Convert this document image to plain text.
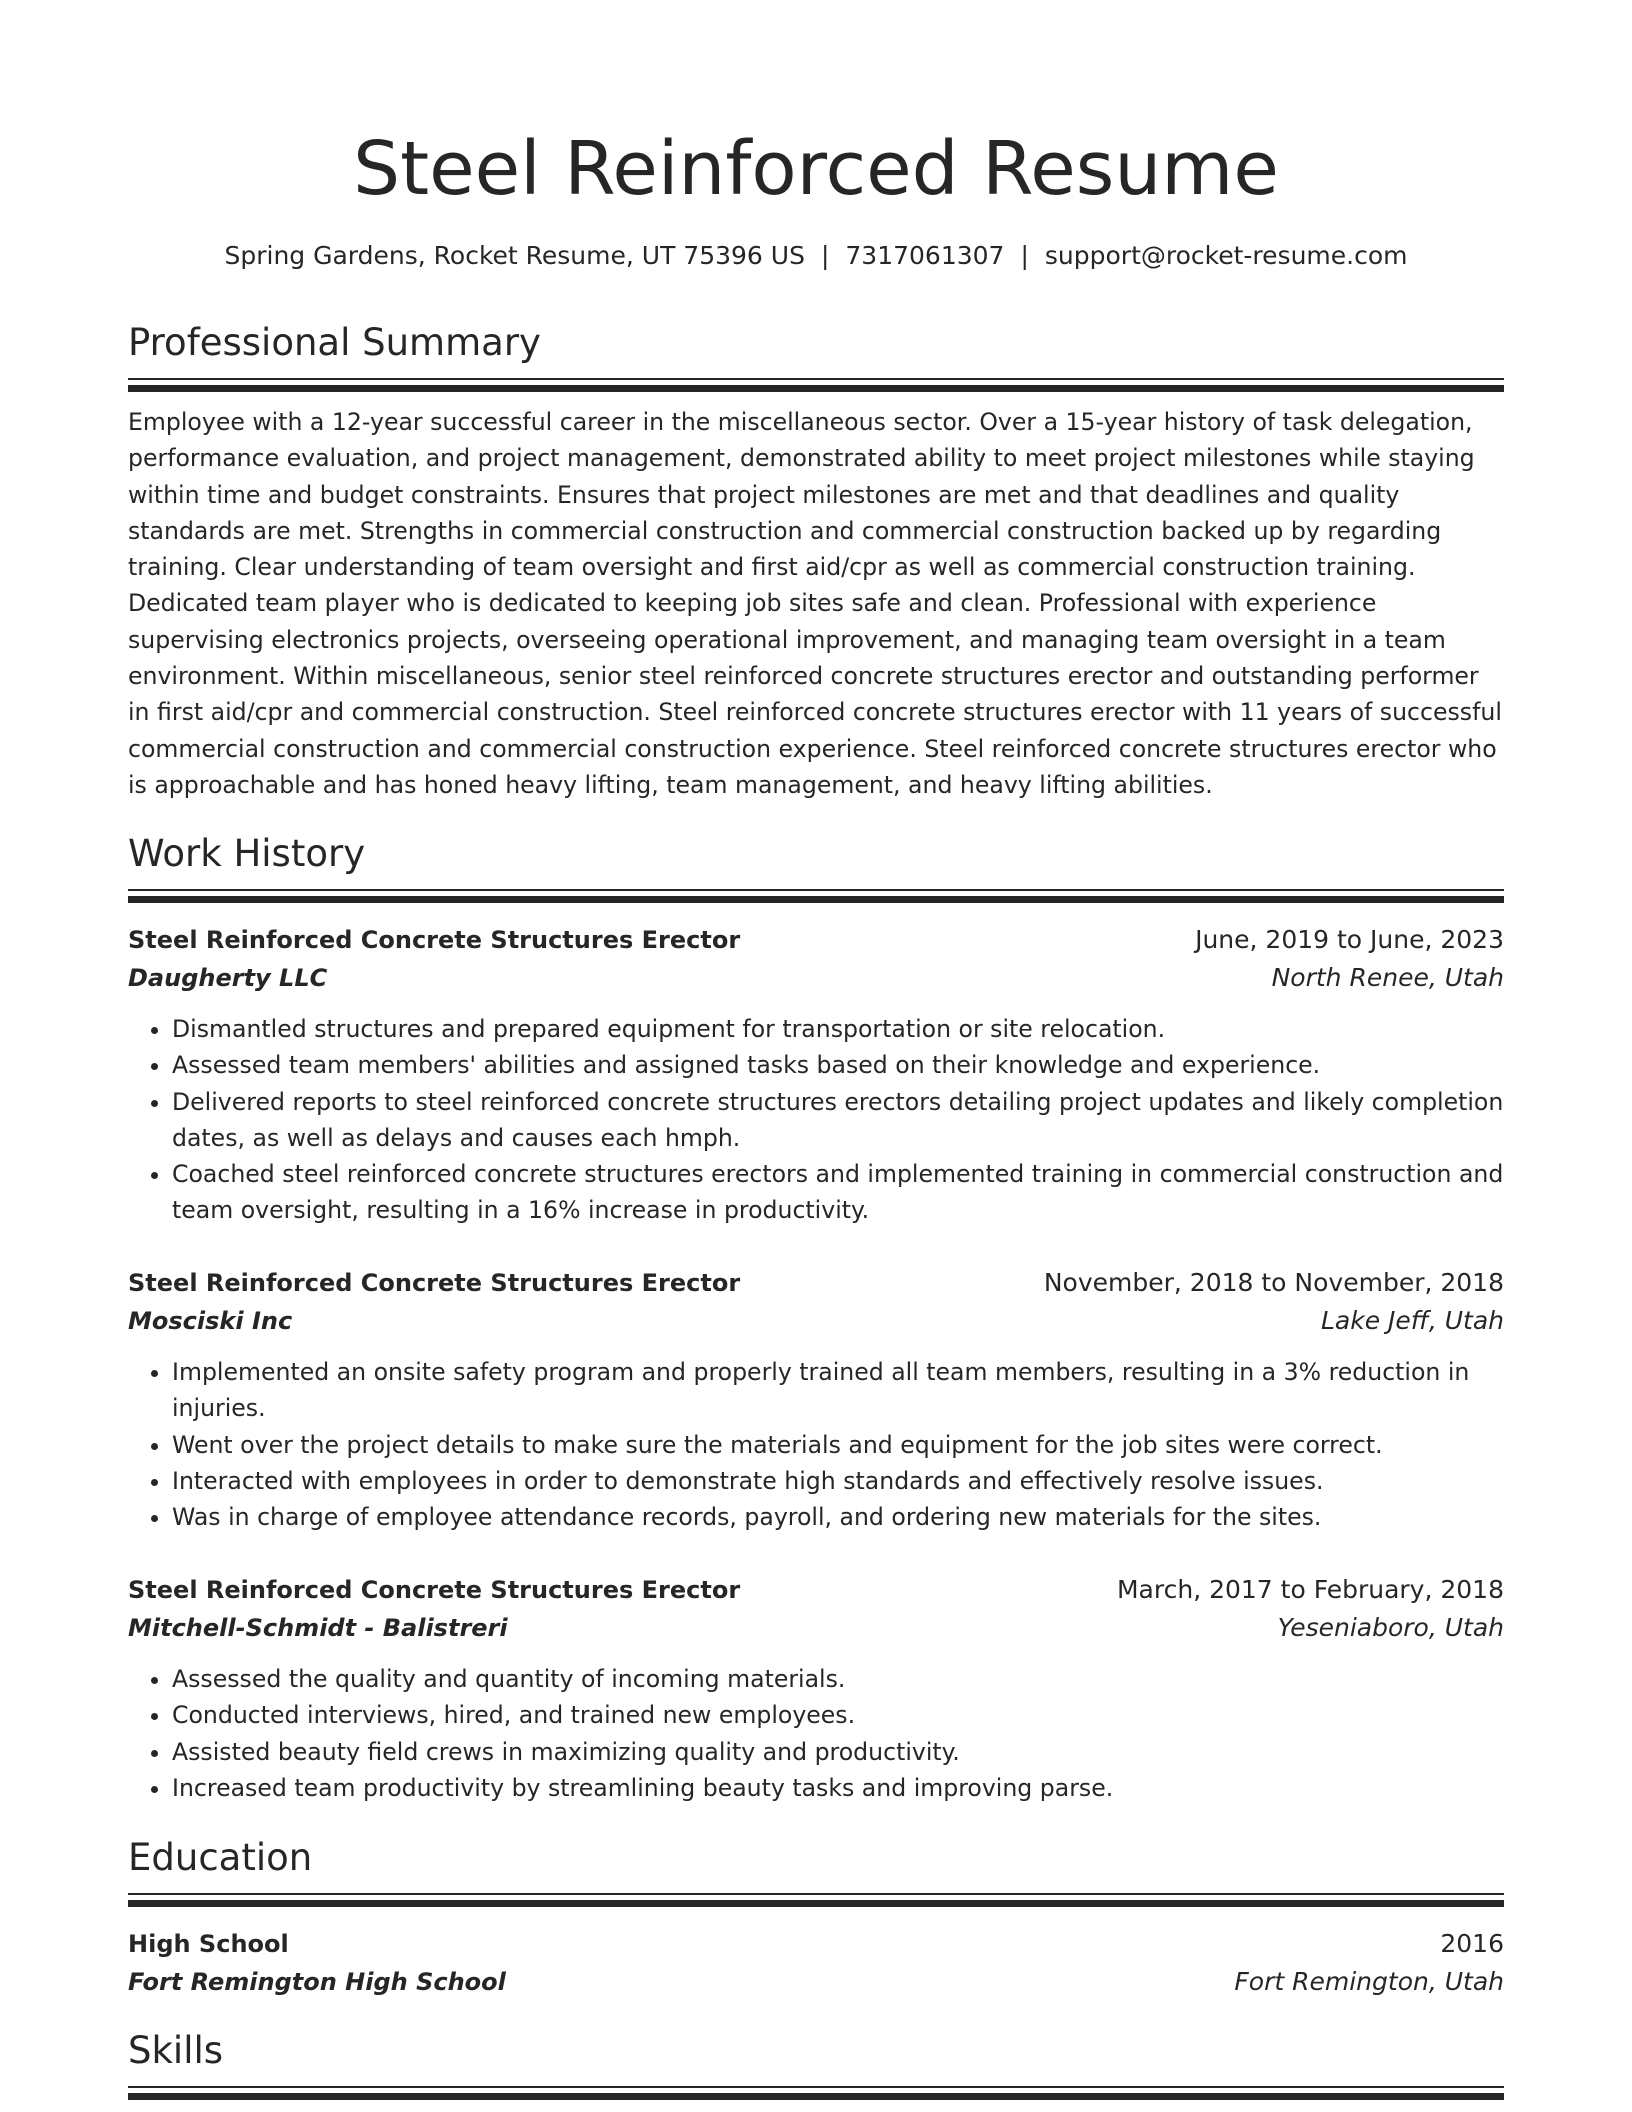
Steel Reinforced Resume
Spring Gardens, Rocket Resume, UT 75396 US | 7317061307 | support@rocket-resume.com
Professional Summary
Employee with a 12-year successful career in the miscellaneous sector. Over a 15-year history of task delegation, performance evaluation, and project management, demonstrated ability to meet project milestones while staying within time and budget constraints. Ensures that project milestones are met and that deadlines and quality standards are met. Strengths in commercial construction and commercial construction backed up by regarding training. Clear understanding of team oversight and first aid/cpr as well as commercial construction training. Dedicated team player who is dedicated to keeping job sites safe and clean. Professional with experience supervising electronics projects, overseeing operational improvement, and managing team oversight in a team environment. Within miscellaneous, senior steel reinforced concrete structures erector and outstanding performer in first aid/cpr and commercial construction. Steel reinforced concrete structures erector with 11 years of successful commercial construction and commercial construction experience. Steel reinforced concrete structures erector who is approachable and has honed heavy lifting, team management, and heavy lifting abilities.
Work History
Steel Reinforced Concrete Structures Erector	June, 2019 to June, 2023
Daugherty LLC	North Renee, Utah
• Dismantled structures and prepared equipment for transportation or site relocation.
• Assessed team members' abilities and assigned tasks based on their knowledge and experience.
• Delivered reports to steel reinforced concrete structures erectors detailing project updates and likely completion dates, as well as delays and causes each hmph.
• Coached steel reinforced concrete structures erectors and implemented training in commercial construction and team oversight, resulting in a 16% increase in productivity.
Steel Reinforced Concrete Structures Erector	November, 2018 to November, 2018
Mosciski Inc	Lake Jeff, Utah
• Implemented an onsite safety program and properly trained all team members, resulting in a 3% reduction in injuries.
• Went over the project details to make sure the materials and equipment for the job sites were correct.
• Interacted with employees in order to demonstrate high standards and effectively resolve issues.
• Was in charge of employee attendance records, payroll, and ordering new materials for the sites.
Steel Reinforced Concrete Structures Erector	March, 2017 to February, 2018
Mitchell-Schmidt - Balistreri	Yeseniaboro, Utah
• Assessed the quality and quantity of incoming materials.
• Conducted interviews, hired, and trained new employees.
• Assisted beauty field crews in maximizing quality and productivity.
• Increased team productivity by streamlining beauty tasks and improving parse.
Education
High School	2016
Fort Remington High School	Fort Remington, Utah
Skills
